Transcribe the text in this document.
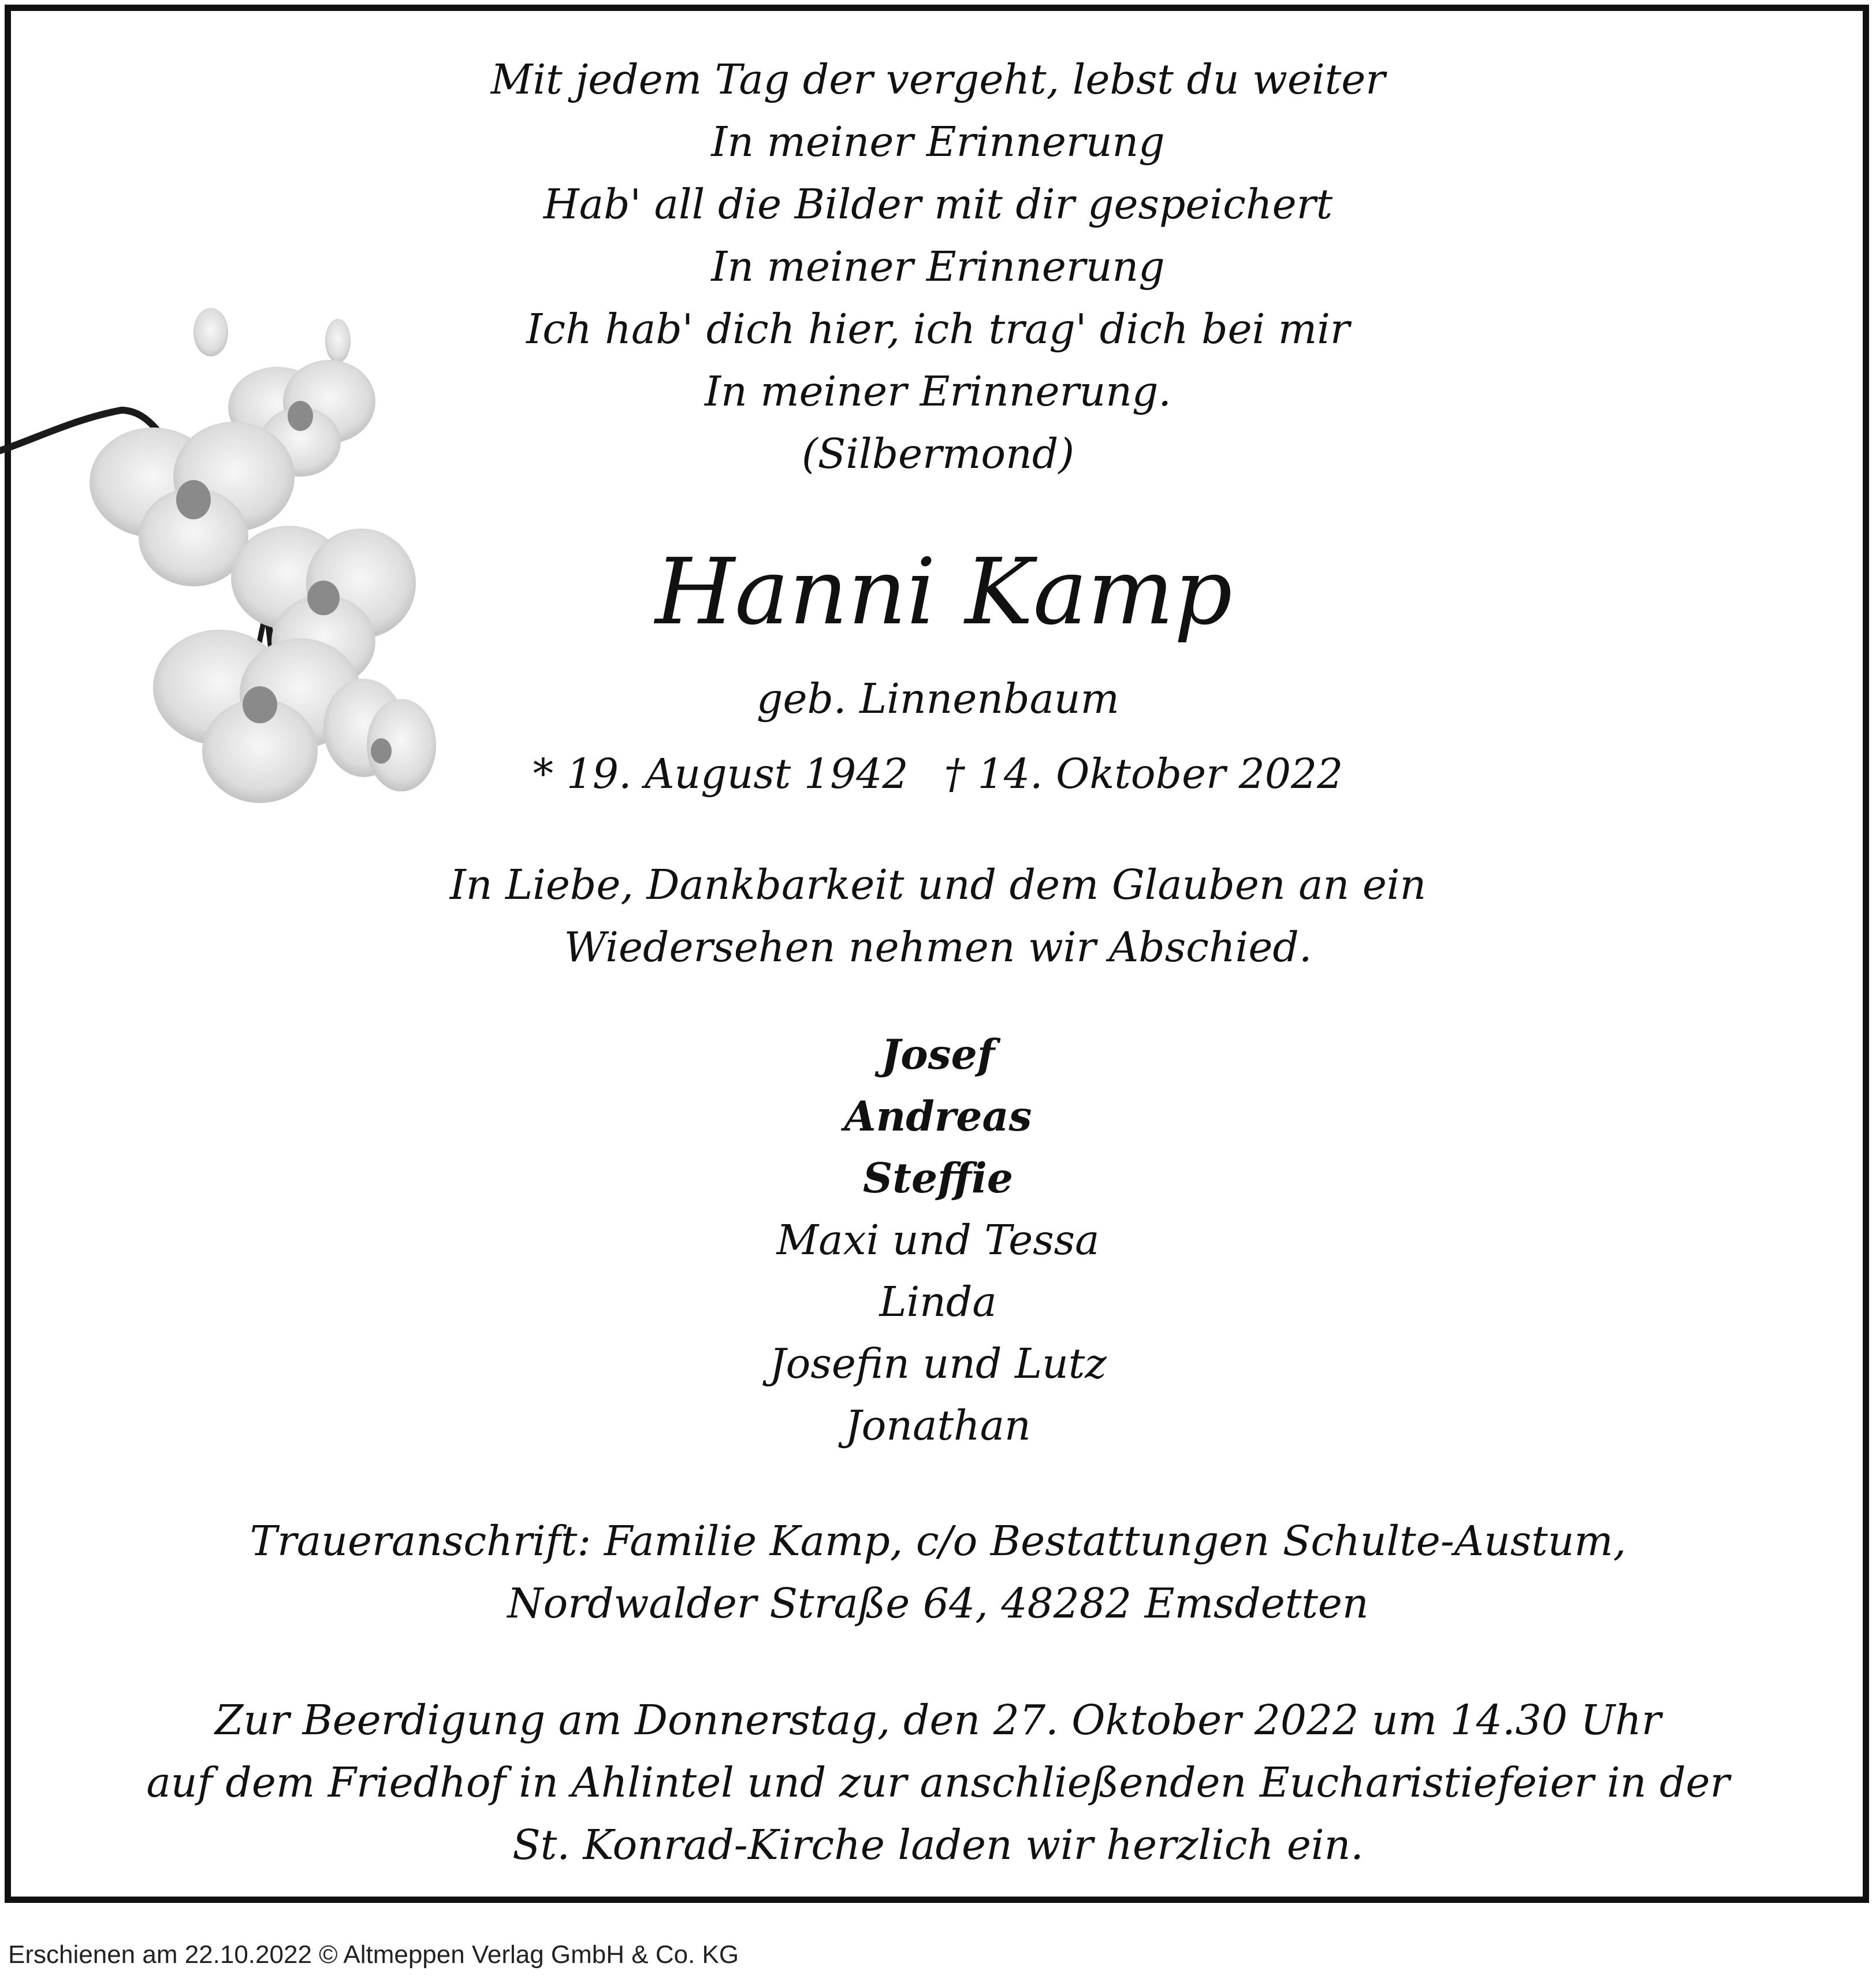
Mit jedem Tag der vergeht, lebst du weiter
In meiner Erinnerung
Hab' all die Bilder mit dir gespeichert
In meiner Erinnerung
Ich hab' dich hier, ich trag' dich bei mir
In meiner Erinnerung.
(Silbermond)
Hanni Kamp
geb. Linnenbaum
* 19. August 1942 † 14. Oktober 2022
In Liebe, Dankbarkeit und dem Glauben an ein
Wiedersehen nehmen wir Abschied.
Josef
Andreas
Steffie
Maxi und Tessa
Linda
Josefin und Lutz
Jonathan
Traueranschrift: Familie Kamp, c/o Bestattungen Schulte-Austum,
Nordwalder Straße 64, 48282 Emsdetten
Zur Beerdigung am Donnerstag, den 27. Oktober 2022 um 14.30 Uhr
auf dem Friedhof in Ahlintel und zur anschließenden Eucharistiefeier in der
St. Konrad-Kirche laden wir herzlich ein.
Erschienen am 22.10.2022 © Altmeppen Verlag GmbH & Co. KG
